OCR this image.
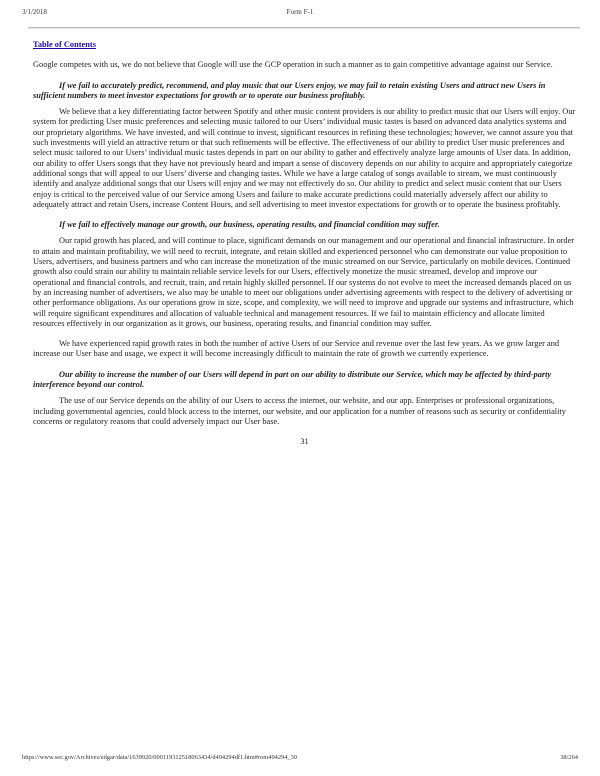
3/1/2018	Form F-1
Table of Contents

Google competes with us, we do not believe that Google will use the GCP operation in such a manner as to gain competitive advantage against our Service.

If we fail to accurately predict, recommend, and play music that our Users enjoy, we may fail to retain existing Users and attract new Users in sufficient numbers to meet investor expectations for growth or to operate our business profitably.

We believe that a key differentiating factor between Spotify and other music content providers is our ability to predict music that our Users will enjoy. Our system for predicting User music preferences and selecting music tailored to our Users’ individual music tastes is based on advanced data analytics systems and our proprietary algorithms. We have invested, and will continue to invest, significant resources in refining these technologies; however, we cannot assure you that such investments will yield an attractive return or that such refinements will be effective. The effectiveness of our ability to predict User music preferences and select music tailored to our Users’ individual music tastes depends in part on our ability to gather and effectively analyze large amounts of User data. In addition, our ability to offer Users songs that they have not previously heard and impart a sense of discovery depends on our ability to acquire and appropriately categorize additional songs that will appeal to our Users’ diverse and changing tastes. While we have a large catalog of songs available to stream, we must continuously identify and analyze additional songs that our Users will enjoy and we may not effectively do so. Our ability to predict and select music content that our Users enjoy is critical to the perceived value of our Service among Users and failure to make accurate predictions could materially adversely affect our ability to adequately attract and retain Users, increase Content Hours, and sell advertising to meet investor expectations for growth or to operate the business profitably.

If we fail to effectively manage our growth, our business, operating results, and financial condition may suffer.

Our rapid growth has placed, and will continue to place, significant demands on our management and our operational and financial infrastructure. In order to attain and maintain profitability, we will need to recruit, integrate, and retain skilled and experienced personnel who can demonstrate our value proposition to Users, advertisers, and business partners and who can increase the monetization of the music streamed on our Service, particularly on mobile devices. Continued growth also could strain our ability to maintain reliable service levels for our Users, effectively monetize the music streamed, develop and improve our operational and financial controls, and recruit, train, and retain highly skilled personnel. If our systems do not evolve to meet the increased demands placed on us by an increasing number of advertisers, we also may be unable to meet our obligations under advertising agreements with respect to the delivery of advertising or other performance obligations. As our operations grow in size, scope, and complexity, we will need to improve and upgrade our systems and infrastructure, which will require significant expenditures and allocation of valuable technical and management resources. If we fail to maintain efficiency and allocate limited resources effectively in our organization as it grows, our business, operating results, and financial condition may suffer.

We have experienced rapid growth rates in both the number of active Users of our Service and revenue over the last few years. As we grow larger and increase our User base and usage, we expect it will become increasingly difficult to maintain the rate of growth we currently experience.

Our ability to increase the number of our Users will depend in part on our ability to distribute our Service, which may be affected by third-party interference beyond our control.

The use of our Service depends on the ability of our Users to access the internet, our website, and our app. Enterprises or professional organizations, including governmental agencies, could block access to the internet, our website, and our application for a number of reasons such as security or confidentiality concerns or regulatory reasons that could adversely impact our User base.

31
https://www.sec.gov/Archives/edgar/data/1639920/000119312518063434/d494294df1.htm#rom494294_30	38/264
